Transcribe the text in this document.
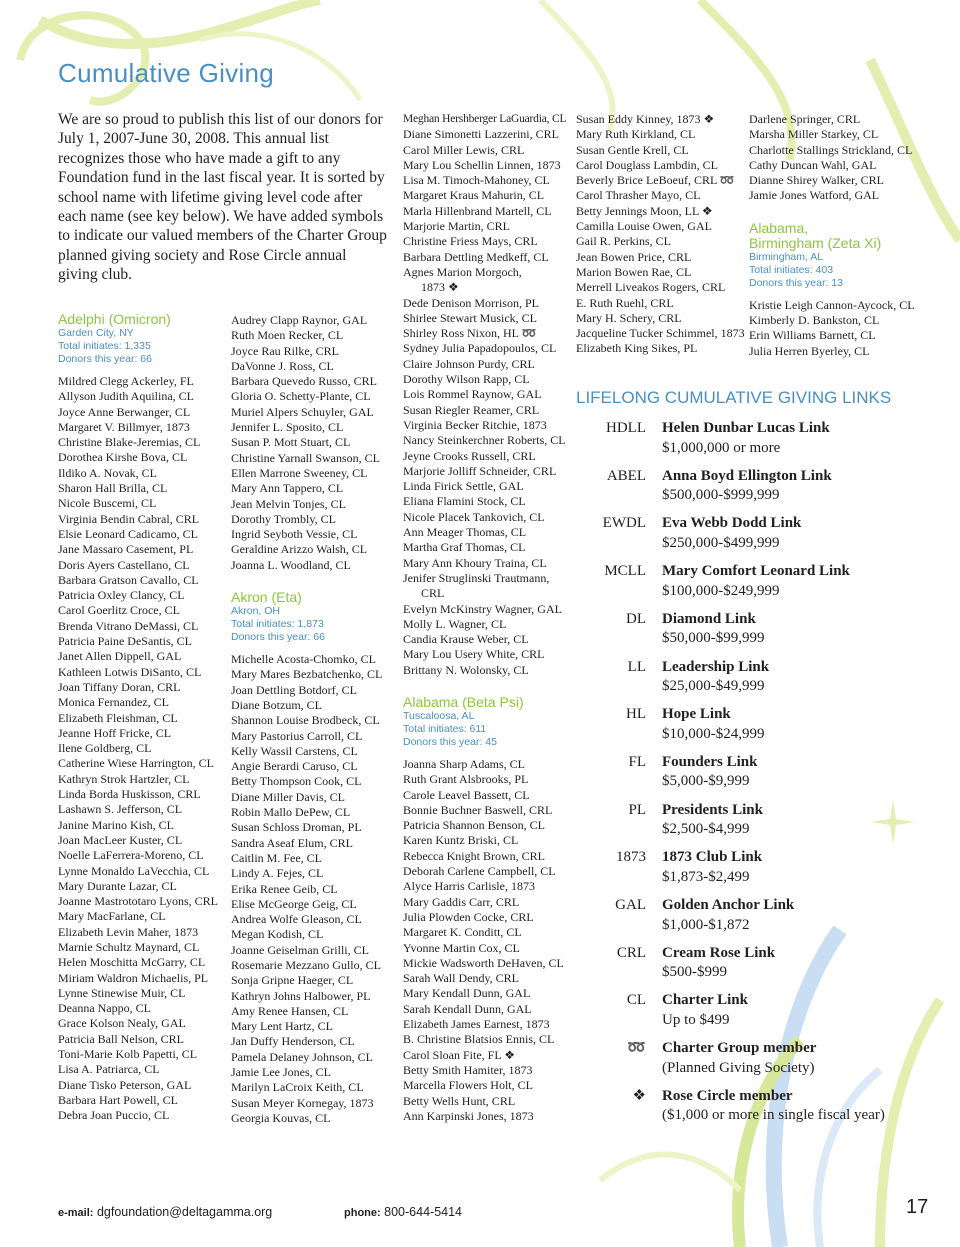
Cumulative Giving
We are so proud to publish this list of our donors for July 1, 2007-June 30, 2008. This annual list recognizes those who have made a gift to any Foundation fund in the last fiscal year. It is sorted by school name with lifetime giving level code after each name (see key below). We have added symbols to indicate our valued members of the Charter Group planned giving society and Rose Circle annual giving club.
Adelphi (Omicron)
Garden City, NY
Total initiates: 1,335
Donors this year: 66
Mildred Clegg Ackerley, FL
Allyson Judith Aquilina, CL
Joyce Anne Berwanger, CL
Margaret V. Billmyer, 1873
Christine Blake-Jeremias, CL
Dorothea Kirshe Bova, CL
Ildiko A. Novak, CL
Sharon Hall Brilla, CL
Nicole Buscemi, CL
Virginia Bendin Cabral, CRL
Elsie Leonard Cadicamo, CL
Jane Massaro Casement, PL
Doris Ayers Castellano, CL
Barbara Gratson Cavallo, CL
Patricia Oxley Clancy, CL
Carol Goerlitz Croce, CL
Brenda Vitrano DeMassi, CL
Patricia Paine DeSantis, CL
Janet Allen Dippell, GAL
Kathleen Lotwis DiSanto, CL
Joan Tiffany Doran, CRL
Monica Fernandez, CL
Elizabeth Fleishman, CL
Jeanne Hoff Fricke, CL
Ilene Goldberg, CL
Catherine Wiese Harrington, CL
Kathryn Strok Hartzler, CL
Linda Borda Huskisson, CRL
Lashawn S. Jefferson, CL
Janine Marino Kish, CL
Joan MacLeer Kuster, CL
Noelle LaFerrera-Moreno, CL
Lynne Monaldo LaVecchia, CL
Mary Durante Lazar, CL
Joanne Mastrototaro Lyons, CRL
Mary MacFarlane, CL
Elizabeth Levin Maher, 1873
Marnie Schultz Maynard, CL
Helen Moschitta McGarry, CL
Miriam Waldron Michaelis, PL
Lynne Stinewise Muir, CL
Deanna Nappo, CL
Grace Kolson Nealy, GAL
Patricia Ball Nelson, CRL
Toni-Marie Kolb Papetti, CL
Lisa A. Patriarca, CL
Diane Tisko Peterson, GAL
Barbara Hart Powell, CL
Debra Joan Puccio, CL
Audrey Clapp Raynor, GAL
Ruth Moen Recker, CL
Joyce Rau Rilke, CRL
DaVonne J. Ross, CL
Barbara Quevedo Russo, CRL
Gloria O. Schetty-Plante, CL
Muriel Alpers Schuyler, GAL
Jennifer L. Sposito, CL
Susan P. Mott Stuart, CL
Christine Yarnall Swanson, CL
Ellen Marrone Sweeney, CL
Mary Ann Tappero, CL
Jean Melvin Tonjes, CL
Dorothy Trombly, CL
Ingrid Seyboth Vessie, CL
Geraldine Arizzo Walsh, CL
Joanna L. Woodland, CL
Akron (Eta)
Akron, OH
Total initiates: 1,873
Donors this year: 66
Michelle Acosta-Chomko, CL
Mary Mares Bezbatchenko, CL
Joan Dettling Botdorf, CL
Diane Botzum, CL
Shannon Louise Brodbeck, CL
Mary Pastorius Carroll, CL
Kelly Wassil Carstens, CL
Angie Berardi Caruso, CL
Betty Thompson Cook, CL
Diane Miller Davis, CL
Robin Mallo DePew, CL
Susan Schloss Droman, PL
Sandra Aseaf Elum, CRL
Caitlin M. Fee, CL
Lindy A. Fejes, CL
Erika Renee Geib, CL
Elise McGeorge Geig, CL
Andrea Wolfe Gleason, CL
Megan Kodish, CL
Joanne Geiselman Grilli, CL
Rosemarie Mezzano Gullo, CL
Sonja Gripne Haeger, CL
Kathryn Johns Halbower, PL
Amy Renee Hansen, CL
Mary Lent Hartz, CL
Jan Duffy Henderson, CL
Pamela Delaney Johnson, CL
Jamie Lee Jones, CL
Marilyn LaCroix Keith, CL
Susan Meyer Kornegay, 1873
Georgia Kouvas, CL
Meghan Hershberger LaGuardia, CL
Diane Simonetti Lazzerini, CRL
Carol Miller Lewis, CRL
Mary Lou Schellin Linnen, 1873
Lisa M. Timoch-Mahoney, CL
Margaret Kraus Mahurin, CL
Marla Hillenbrand Martell, CL
Marjorie Martin, CRL
Christine Friess Mays, CRL
Barbara Dettling Medkeff, CL
Agnes Marion Morgoch,
1873 ❖
Dede Denison Morrison, PL
Shirlee Stewart Musick, CL
Shirley Ross Nixon, HL ➿
Sydney Julia Papadopoulos, CL
Claire Johnson Purdy, CRL
Dorothy Wilson Rapp, CL
Lois Rommel Raynow, GAL
Susan Riegler Reamer, CRL
Virginia Becker Ritchie, 1873
Nancy Steinkerchner Roberts, CL
Jeyne Crooks Russell, CRL
Marjorie Jolliff Schneider, CRL
Linda Firick Settle, GAL
Eliana Flamini Stock, CL
Nicole Placek Tankovich, CL
Ann Meager Thomas, CL
Martha Graf Thomas, CL
Mary Ann Khoury Traina, CL
Jenifer Struglinski Trautmann,
CRL
Evelyn McKinstry Wagner, GAL
Molly L. Wagner, CL
Candia Krause Weber, CL
Mary Lou Usery White, CRL
Brittany N. Wolonsky, CL
Alabama (Beta Psi)
Tuscaloosa, AL
Total initiates: 611
Donors this year: 45
Joanna Sharp Adams, CL
Ruth Grant Alsbrooks, PL
Carole Leavel Bassett, CL
Bonnie Buchner Baswell, CRL
Patricia Shannon Benson, CL
Karen Kuntz Briski, CL
Rebecca Knight Brown, CRL
Deborah Carlene Campbell, CL
Alyce Harris Carlisle, 1873
Mary Gaddis Carr, CRL
Julia Plowden Cocke, CRL
Margaret K. Conditt, CL
Yvonne Martin Cox, CL
Mickie Wadsworth DeHaven, CL
Sarah Wall Dendy, CRL
Mary Kendall Dunn, GAL
Sarah Kendall Dunn, GAL
Elizabeth James Earnest, 1873
B. Christine Blatsios Ennis, CL
Carol Sloan Fite, FL ❖
Betty Smith Hamiter, 1873
Marcella Flowers Holt, CL
Betty Wells Hunt, CRL
Ann Karpinski Jones, 1873
Susan Eddy Kinney, 1873 ❖
Mary Ruth Kirkland, CL
Susan Gentle Krell, CL
Carol Douglass Lambdin, CL
Beverly Brice LeBoeuf, CRL ➿
Carol Thrasher Mayo, CL
Betty Jennings Moon, LL ❖
Camilla Louise Owen, GAL
Gail R. Perkins, CL
Jean Bowen Price, CRL
Marion Bowen Rae, CL
Merrell Liveakos Rogers, CRL
E. Ruth Ruehl, CRL
Mary H. Schery, CRL
Jacqueline Tucker Schimmel, 1873
Elizabeth King Sikes, PL
Darlene Springer, CRL
Marsha Miller Starkey, CL
Charlotte Stallings Strickland, CL
Cathy Duncan Wahl, GAL
Dianne Shirey Walker, CRL
Jamie Jones Watford, GAL
Alabama,
Birmingham (Zeta Xi)
Birmingham, AL
Total initiates: 403
Donors this year: 13
Kristie Leigh Cannon-Aycock, CL
Kimberly D. Bankston, CL
Erin Williams Barnett, CL
Julia Herren Byerley, CL
LIFELONG CUMULATIVE GIVING LINKS
HDLL Helen Dunbar Lucas Link
$1,000,000 or more
ABEL Anna Boyd Ellington Link
$500,000-$999,999
EWDL Eva Webb Dodd Link
$250,000-$499,999
MCLL Mary Comfort Leonard Link
$100,000-$249,999
DL Diamond Link
$50,000-$99,999
LL Leadership Link
$25,000-$49,999
HL Hope Link
$10,000-$24,999
FL Founders Link
$5,000-$9,999
PL Presidents Link
$2,500-$4,999
1873 1873 Club Link
$1,873-$2,499
GAL Golden Anchor Link
$1,000-$1,872
CRL Cream Rose Link
$500-$999
CL Charter Link
Up to $499
➿ Charter Group member
(Planned Giving Society)
❖ Rose Circle member
($1,000 or more in single fiscal year)
e-mail: dgfoundation@deltagamma.org	phone: 800-644-5414	17
